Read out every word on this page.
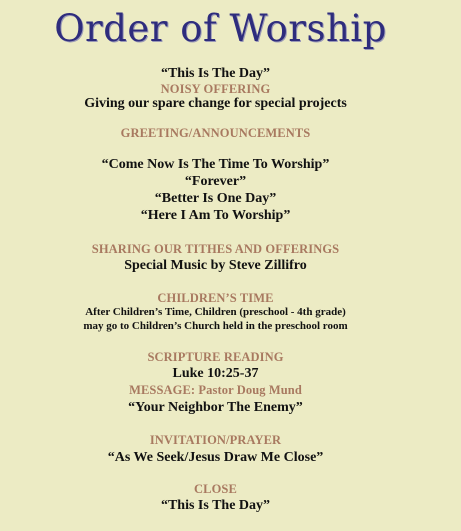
Order of Worship
“This Is The Day”
NOISY OFFERING
Giving our spare change for special projects
GREETING/ANNOUNCEMENTS
“Come Now Is The Time To Worship”
“Forever”
“Better Is One Day”
“Here I Am To Worship”
SHARING OUR TITHES AND OFFERINGS
Special Music by Steve Zillifro
CHILDREN’S TIME
After Children’s Time, Children (preschool - 4th grade)
may go to Children’s Church held in the preschool room
SCRIPTURE READING
Luke 10:25-37
MESSAGE: Pastor Doug Mund
“Your Neighbor The Enemy”
INVITATION/PRAYER
“As We Seek/Jesus Draw Me Close”
CLOSE
“This Is The Day”
